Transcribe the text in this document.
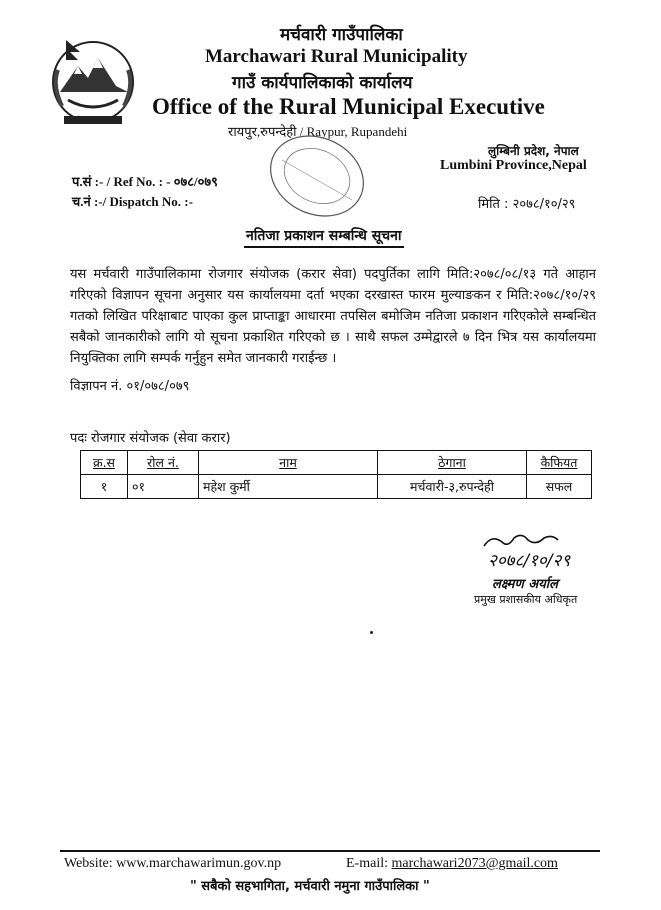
मर्चवारी गाउँपालिका
Marchawari Rural Municipality
गाउँ कार्यपालिकाको कार्यालय
Office of the Rural Municipal Executive
रायपुर,रुपन्देही / Raypur, Rupandehi
लुम्बिनी प्रदेश, नेपाल
Lumbini Province,Nepal
प.सं :- / Ref No. : - ०७८/०७९
च.नं :-/ Dispatch No. :-	मिति : २०७८/१०/२९
नतिजा प्रकाशन सम्बन्धि सूचना
यस मर्चवारी गाउँपालिकामा रोजगार संयोजक (करार सेवा) पदपुर्तिका लागि मिति:२०७८/०८/१३ गते आहान गरिएको विज्ञापन सूचना अनुसार यस कार्यालयमा दर्ता भएका दरखास्त फारम मुल्याङकन र मिति:२०७८/१०/२९ गतको लिखित परिक्षाबाट पाएका कुल प्राप्ताङ्का आधारमा तपसिल बमोजिम नतिजा प्रकाशन गरिएकोले सम्बन्धित सबैको जानकारीको लागि यो सूचना प्रकाशित गरिएको छ । साथै सफल उम्मेद्वारले ७ दिन भित्र यस कार्यालयमा नियुक्तिका लागि सम्पर्क गर्नुहुन समेत जानकारी गराईन्छ ।
विज्ञापन नं. ०१/०७८/०७९
पदः रोजगार संयोजक (सेवा करार)
क्र.स	रोल नं.	नाम	ठेगाना	कैफियत
१	०१	महेश कुर्मी	मर्चवारी-३,रुपन्देही	सफल
२०७८/१०/२९
लक्ष्मण अर्याल
प्रमुख प्रशासकीय अधिकृत
Website: www.marchawarimun.gov.np	E-mail: marchawari2073@gmail.com
" सबैको सहभागिता, मर्चवारी नमुना गाउँपालिका "
